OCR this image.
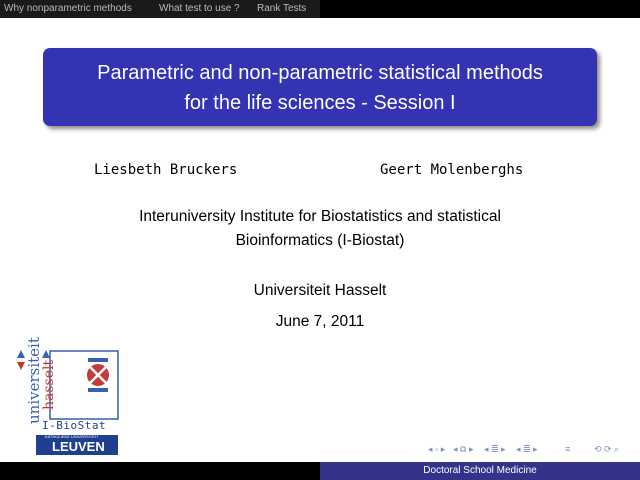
Why nonparametric methods	What test to use ? Rank Tests
Parametric and non-parametric statistical methods
for the life sciences - Session I
Liesbeth Bruckers	Geert Molenberghs
Interuniversity Institute for Biostatistics and statistical
Bioinformatics (I-Biostat)
Universiteit Hasselt
June 7, 2011
universiteit
hasselt
I-BioStat
KATHOLIEKE UNIVERSITEIT
LEUVEN	◂ ▫ ▸ ◂ ⧉ ▸ ◂ ≣ ▸ ◂ ≣ ▸	≡	⟲ ⟳ ⌕
Doctoral School Medicine
